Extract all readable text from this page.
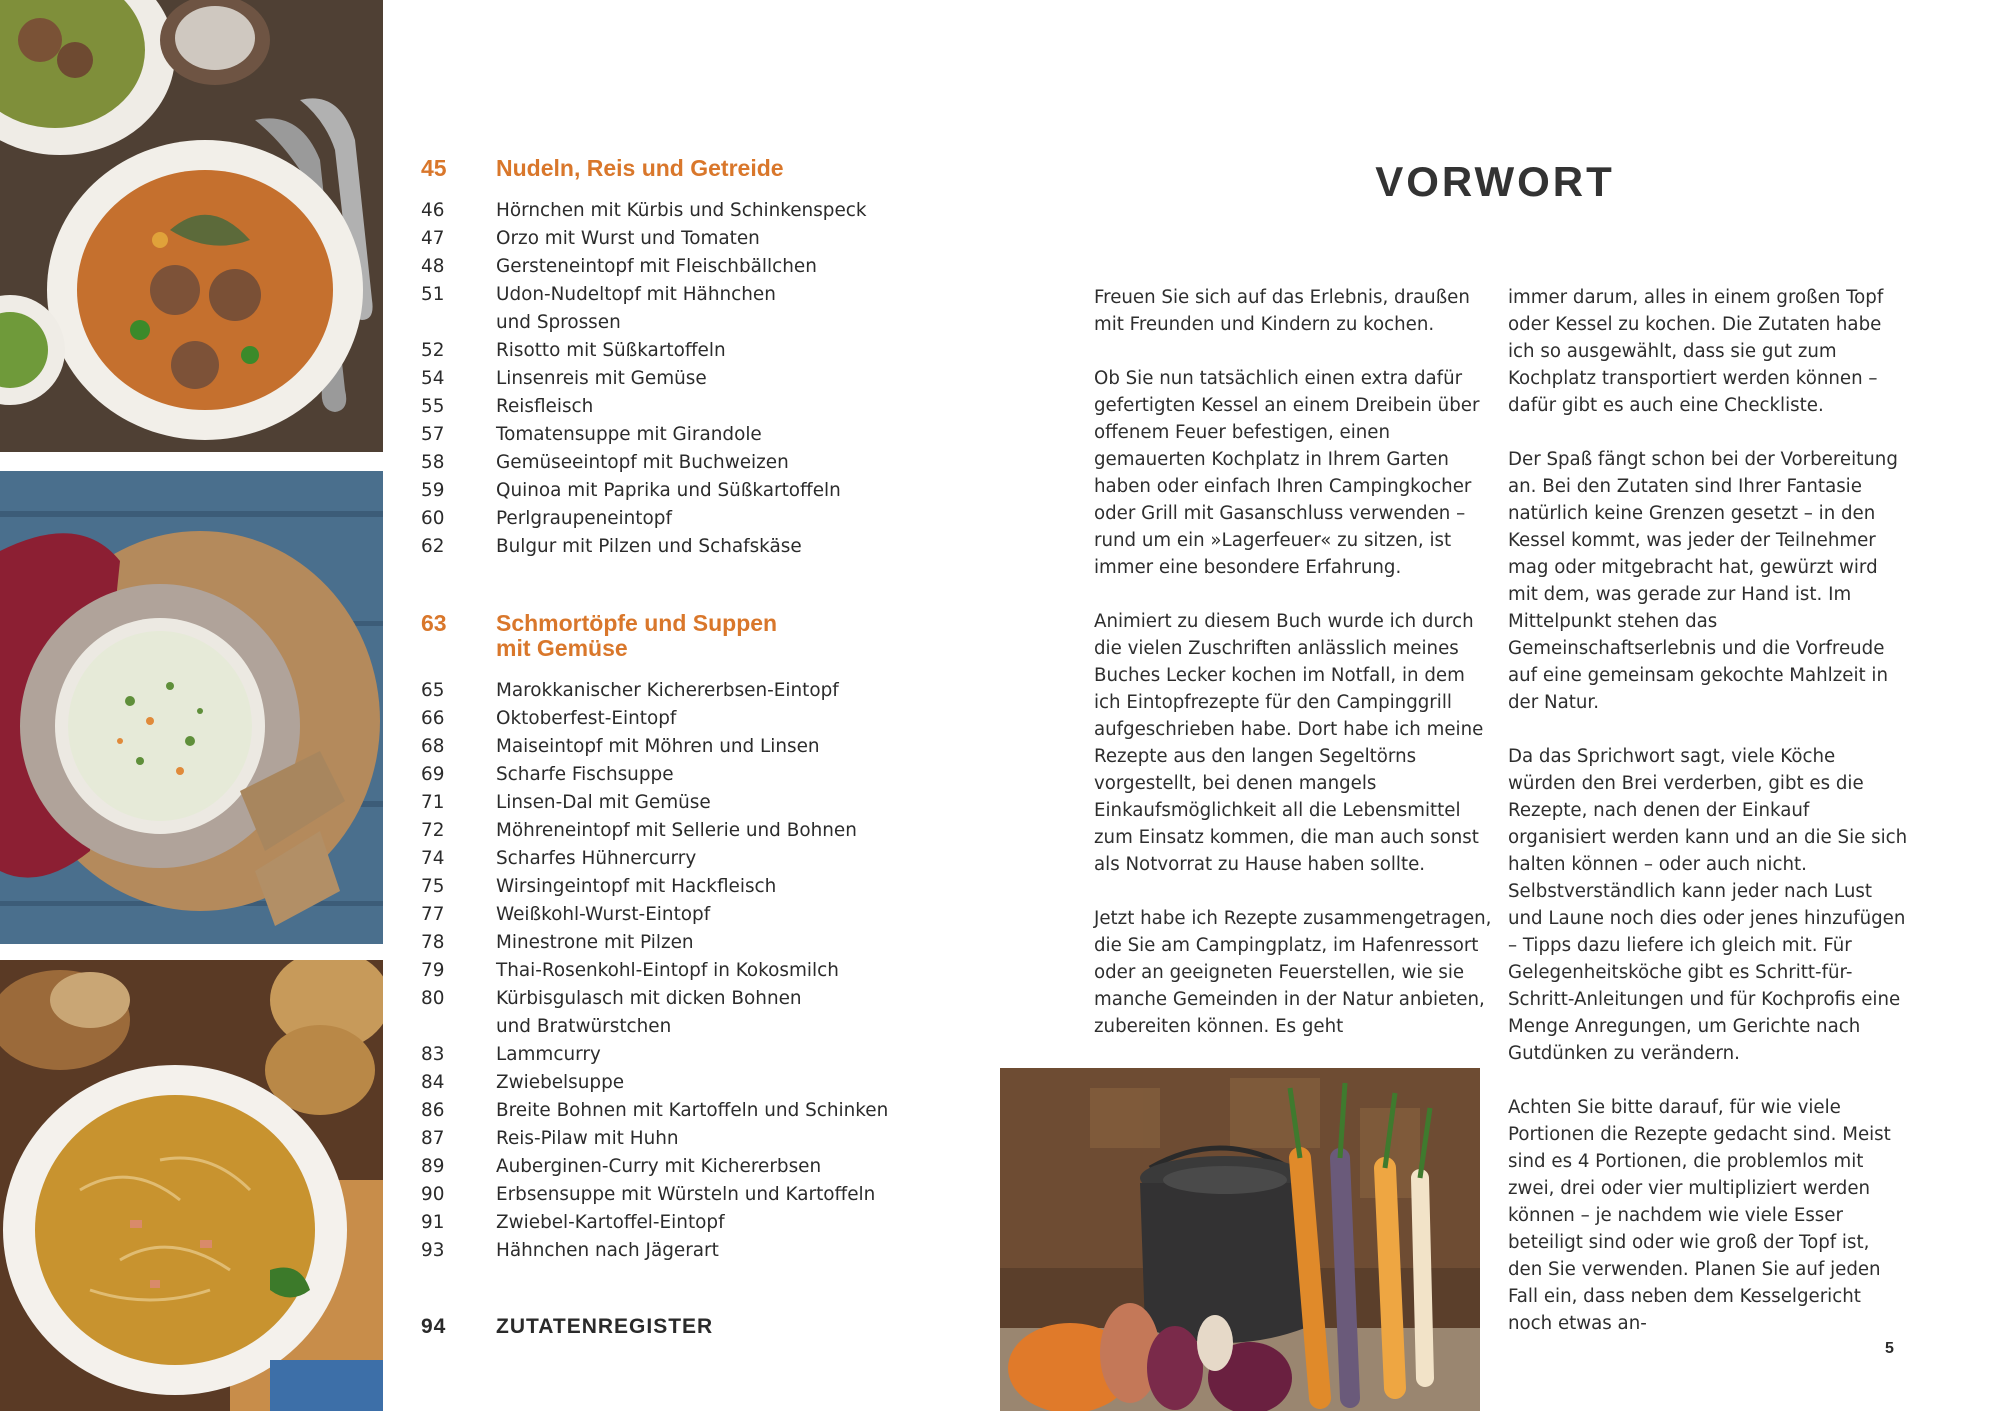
45	Nudeln, Reis und Getreide
46	Hörnchen mit Kürbis und Schinkenspeck
47	Orzo mit Wurst und Tomaten
48	Gersteneintopf mit Fleischbällchen
51	Udon-Nudeltopf mit Hähnchen
und Sprossen
52	Risotto mit Süßkartoffeln
54	Linsenreis mit Gemüse
55	Reisfleisch
57	Tomatensuppe mit Girandole
58	Gemüseeintopf mit Buchweizen
59	Quinoa mit Paprika und Süßkartoffeln
60	Perlgraupeneintopf
62	Bulgur mit Pilzen und Schafskäse
63	Schmortöpfe und Suppen
mit Gemüse
65	Marokkanischer Kichererbsen-Eintopf
66	Oktoberfest-Eintopf
68	Maiseintopf mit Möhren und Linsen
69	Scharfe Fischsuppe
71	Linsen-Dal mit Gemüse
72	Möhreneintopf mit Sellerie und Bohnen
74	Scharfes Hühnercurry
75	Wirsingeintopf mit Hackfleisch
77	Weißkohl-Wurst-Eintopf
78	Minestrone mit Pilzen
79	Thai-Rosenkohl-Eintopf in Kokosmilch
80	Kürbisgulasch mit dicken Bohnen
und Bratwürstchen
83	Lammcurry
84	Zwiebelsuppe
86	Breite Bohnen mit Kartoffeln und Schinken
87	Reis-Pilaw mit Huhn
89	Auberginen-Curry mit Kichererbsen
90	Erbsensuppe mit Würsteln und Kartoffeln
91	Zwiebel-Kartoffel-Eintopf
93	Hähnchen nach Jägerart
94	ZUTATENREGISTER
VORWORT

Freuen Sie sich auf das Erlebnis, draußen mit Freunden und Kindern zu kochen.

Ob Sie nun tatsächlich einen extra dafür gefertigten Kessel an einem Dreibein über offenem Feuer befestigen, einen gemauerten Kochplatz in Ihrem Garten haben oder einfach Ihren Campingkocher oder Grill mit Gasanschluss verwenden – rund um ein »Lagerfeuer« zu sitzen, ist immer eine besondere Erfahrung.

Animiert zu diesem Buch wurde ich durch die vielen Zuschriften anlässlich meines Buches Lecker kochen im Notfall, in dem ich Eintopfrezepte für den Campinggrill aufgeschrieben habe. Dort habe ich meine Rezepte aus den langen Segeltörns vorgestellt, bei denen mangels Einkaufsmöglichkeit all die Lebensmittel zum Einsatz kommen, die man auch sonst als Notvorrat zu Hause haben sollte.

Jetzt habe ich Rezepte zusammengetragen, die Sie am Campingplatz, im Hafenressort oder an geeigneten Feuerstellen, wie sie manche Gemeinden in der Natur anbieten, zubereiten können. Es geht

immer darum, alles in einem großen Topf oder Kessel zu kochen. Die Zutaten habe ich so ausgewählt, dass sie gut zum Kochplatz transportiert werden können – dafür gibt es auch eine Checkliste.

Der Spaß fängt schon bei der Vorbereitung an. Bei den Zutaten sind Ihrer Fantasie natürlich keine Grenzen gesetzt – in den Kessel kommt, was jeder der Teilnehmer mag oder mitgebracht hat, gewürzt wird mit dem, was gerade zur Hand ist. Im Mittelpunkt stehen das Gemeinschaftserlebnis und die Vorfreude auf eine gemeinsam gekochte Mahlzeit in der Natur.

Da das Sprichwort sagt, viele Köche würden den Brei verderben, gibt es die Rezepte, nach denen der Einkauf organisiert werden kann und an die Sie sich halten können – oder auch nicht. Selbstverständlich kann jeder nach Lust und Laune noch dies oder jenes hinzufügen – Tipps dazu liefere ich gleich mit. Für Gelegenheitsköche gibt es Schritt-für-Schritt-Anleitungen und für Kochprofis eine Menge Anregungen, um Gerichte nach Gutdünken zu verändern.

Achten Sie bitte darauf, für wie viele Portionen die Rezepte gedacht sind. Meist sind es 4 Portionen, die problemlos mit zwei, drei oder vier multipliziert werden können – je nachdem wie viele Esser beteiligt sind oder wie groß der Topf ist, den Sie verwenden. Planen Sie auf jeden Fall ein, dass neben dem Kesselgericht noch etwas an-

5
